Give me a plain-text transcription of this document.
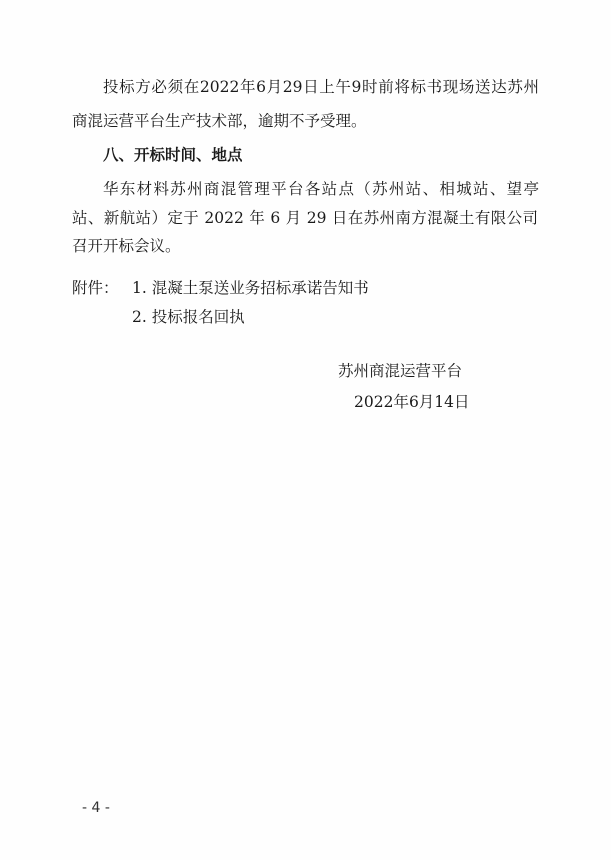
投标方必须在2022年6月29日上午9时前将标书现场送达苏州
商混运营平台生产技术部，逾期不予受理。
八、开标时间、地点
华东材料苏州商混管理平台各站点（苏州站、相城站、望亭
站、新航站）定于 2022 年 6 月 29 日在苏州南方混凝土有限公司
召开开标会议。
附件： 1. 混凝土泵送业务招标承诺告知书
2. 投标报名回执
苏州商混运营平台
2022年6月14日
- 4 -
